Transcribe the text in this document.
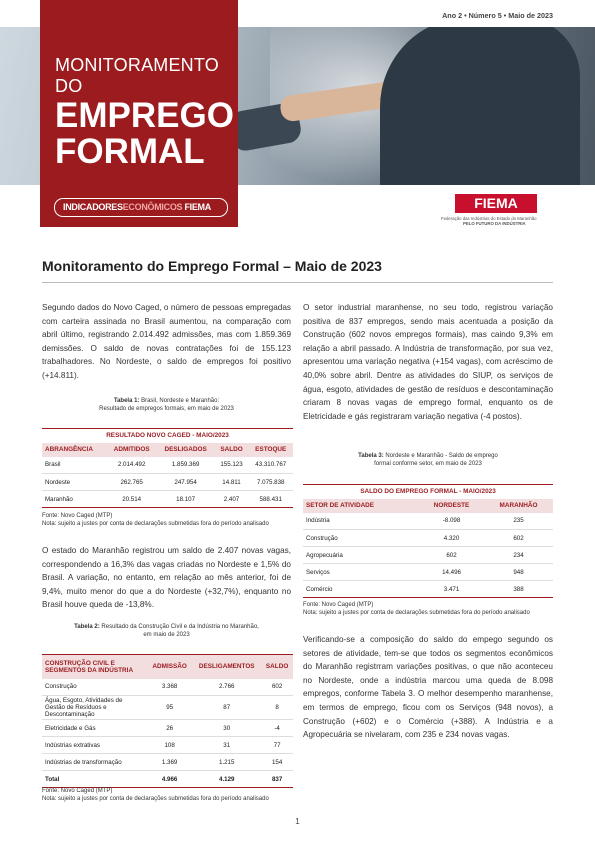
Ano 2 • Número 5 • Maio de 2023
MONITORAMENTO DO
EMPREGO
FORMAL
INDICADORESECONÔMICOS FIEMA	FIEMA
Federação das Indústrias do Estado do Maranhão
PELO FUTURO DA INDÚSTRIA
Monitoramento do Emprego Formal – Maio de 2023
Segundo dados do Novo Caged, o número de pessoas empregadas com carteira assinada no Brasil aumentou, na comparação com abril último, registrando 2.014.492 admissões, mas com 1.859.369 demissões. O saldo de novas contratações foi de 155.123 trabalhadores. No Nordeste, o saldo de empregos foi positivo (+14.811).
Tabela 1: Brasil, Nordeste e Maranhão:
Resultado de empregos formais, em maio de 2023
RESULTADO NOVO CAGED - MAIO/2023				
ABRANGÊNCIA	ADMITIDOS	DESLIGADOS	SALDO	ESTOQUE
Brasil	2.014.492	1.859.369	155.123	43.310.767
Nordeste	262.765	247.954	14.811	7.075.838
Maranhão	20.514	18.107	2.407	588.431
Fonte: Novo Caged (MTP)
Nota: sujeito a justes por conta de declarações submetidas fora do período analisado
O estado do Maranhão registrou um saldo de 2.407 novas vagas, correspondendo a 16,3% das vagas criadas no Nordeste e 1,5% do Brasil. A variação, no entanto, em relação ao mês anterior, foi de 9,4%, muito menor do que a do Nordeste (+32,7%), enquanto no Brasil houve queda de -13,8%.
Tabela 2: Resultado da Construção Civil e da Indústria no Maranhão,
em maio de 2023
CONSTRUÇÃO CIVIL E SEGMENTOS DA INDÚSTRIA	ADMISSÃO	DESLIGAMENTOS	SALDO
Construção	3.368	2.766	602
Água, Esgoto, Atividades de Gestão de Resíduos e Descontaminação	95	87	8
Eletricidade e Gás	26	30	-4
Indústrias extrativas	108	31	77
Indústrias de transformação	1.369	1.215	154
Total	4.966	4.129	837
Fonte: Novo Caged (MTP)
Nota: sujeito a justes por conta de declarações submetidas fora do período analisado
O setor industrial maranhense, no seu todo, registrou variação positiva de 837 empregos, sendo mais acentuada a posição da Construção (602 novos empregos formais), mas caindo 9,3% em relação a abril passado. A Indústria de transformação, por sua vez, apresentou uma variação negativa (+154 vagas), com acréscimo de 40,0% sobre abril. Dentre as atividades do SIUP, os serviços de água, esgoto, atividades de gestão de resíduos e descontaminação criaram 8 novas vagas de emprego formal, enquanto os de Eletricidade e gás registraram variação negativa (-4 postos).
Tabela 3: Nordeste e Maranhão - Saldo de emprego
formal conforme setor, em maio de 2023
SALDO DO EMPREGO FORMAL - MAIO/2023		
SETOR DE ATIVIDADE	NORDESTE	MARANHÃO
Indústria	-8.098	235
Construção	4.320	602
Agropecuária	602	234
Serviços	14.496	948
Comércio	3.471	388
Fonte: Novo Caged (MTP)
Nota: sujeito a justes por conta de declarações submetidas fora do período analisado
Verificando-se a composição do saldo do empego segundo os setores de atividade, tem-se que todos os segmentos econômicos do Maranhão registrram variações positivas, o que não aconteceu no Nordeste, onde a indústria marcou uma queda de 8.098 empregos, conforme Tabela 3. O melhor desempenho maranhense, em termos de emprego, ficou com os Serviços (948 novos), a Construção (+602) e o Comércio (+388). A Indústria e a Agropecuária se nivelaram, com 235 e 234 novas vagas.
1
